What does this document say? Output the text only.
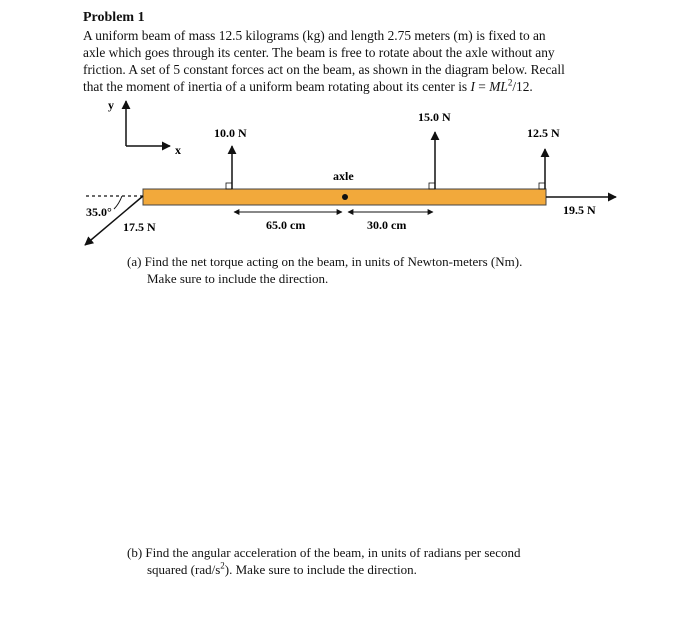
Problem 1
A uniform beam of mass 12.5 kilograms (kg) and length 2.75 meters (m) is fixed to an
axle which goes through its center. The beam is free to rotate about the axle without any
friction. A set of 5 constant forces act on the beam, as shown in the diagram below. Recall
that the moment of inertia of a uniform beam rotating about its center is $I = ML^2/12$.
y
x
axle
35.0°
17.5 N
10.0 N
15.0 N
12.5 N
19.5 N
65.0 cm	30.0 cm
(a) Find the net torque acting on the beam, in units of Newton-meters (Nm).
Make sure to include the direction.
(b) Find the angular acceleration of the beam, in units of radians per second
squared $(rad/s^2)$. Make sure to include the direction.
